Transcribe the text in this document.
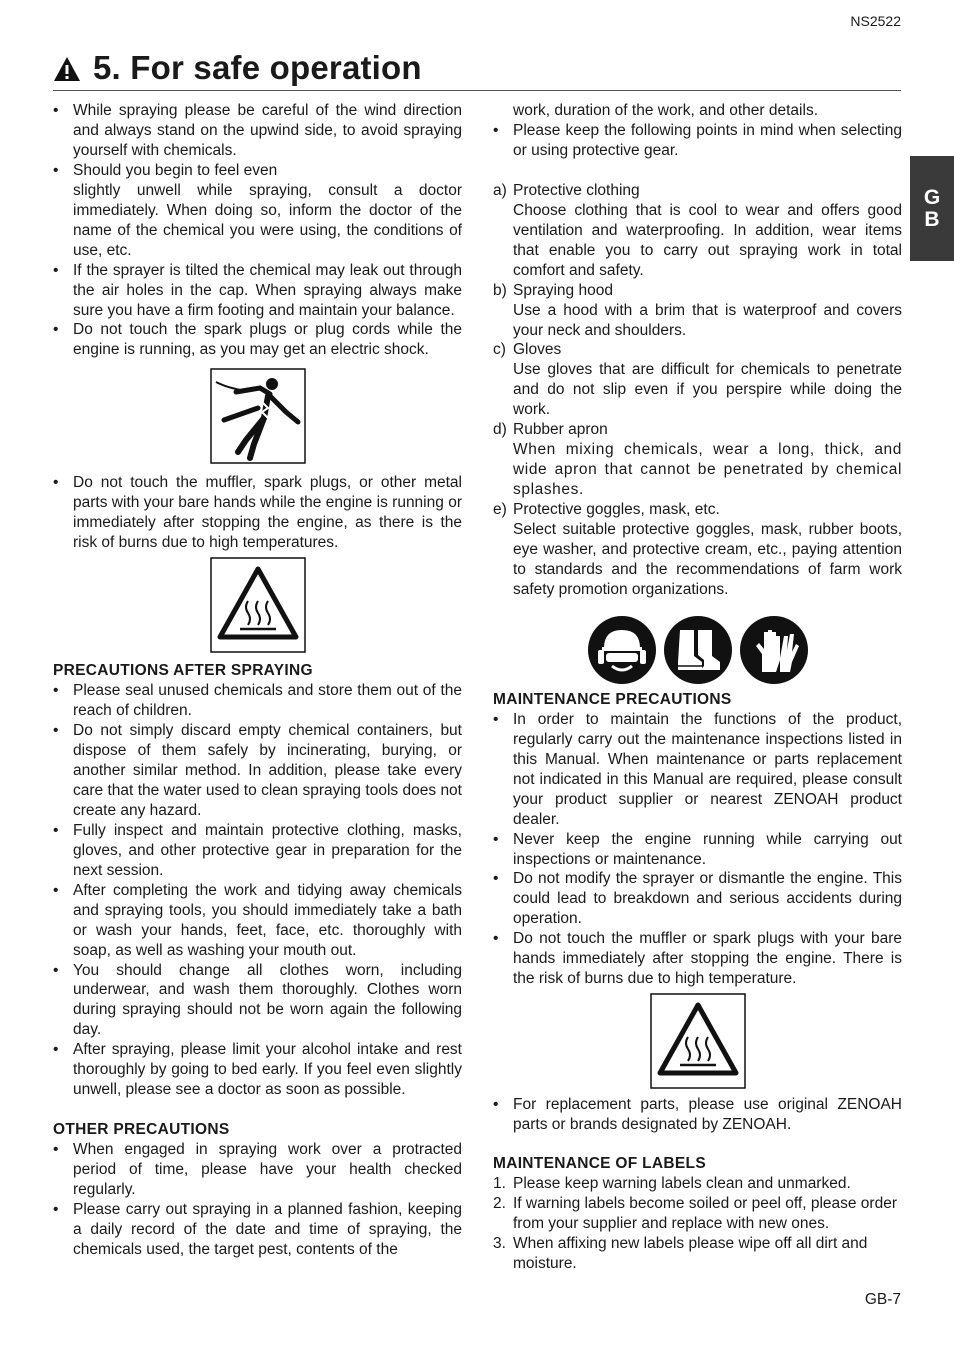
NS2522
5. For safe operation
G
B
• While spraying please be careful of the wind direction and always stand on the upwind side, to avoid spraying yourself with chemicals.
• Should you begin to feel even
slightly unwell while spraying, consult a doctor immediately. When doing so, inform the doctor of the name of the chemical you were using, the conditions of use, etc.
• If the sprayer is tilted the chemical may leak out through the air holes in the cap. When spraying always make sure you have a firm footing and maintain your balance.
• Do not touch the spark plugs or plug cords while the engine is running, as you may get an electric shock.
• Do not touch the muffler, spark plugs, or other metal parts with your bare hands while the engine is running or immediately after stopping the engine, as there is the risk of burns due to high temperatures.
PRECAUTIONS AFTER SPRAYING
• Please seal unused chemicals and store them out of the reach of children.
• Do not simply discard empty chemical containers, but dispose of them safely by incinerating, burying, or another similar method. In addition, please take every care that the water used to clean spraying tools does not create any hazard.
• Fully inspect and maintain protective clothing, masks, gloves, and other protective gear in preparation for the next session.
• After completing the work and tidying away chemicals and spraying tools, you should immediately take a bath or wash your hands, feet, face, etc. thoroughly with soap, as well as washing your mouth out.
• You should change all clothes worn, including underwear, and wash them thoroughly. Clothes worn during spraying should not be worn again the following day.
• After spraying, please limit your alcohol intake and rest thoroughly by going to bed early. If you feel even slightly unwell, please see a doctor as soon as possible.
OTHER PRECAUTIONS
• When engaged in spraying work over a protracted period of time, please have your health checked regularly.
• Please carry out spraying in a planned fashion, keeping a daily record of the date and time of spraying, the chemicals used, the target pest, contents of the
work, duration of the work, and other details.
• Please keep the following points in mind when selecting or using protective gear.
a) Protective clothing
Choose clothing that is cool to wear and offers good ventilation and waterproofing. In addition, wear items that enable you to carry out spraying work in total comfort and safety.
b) Spraying hood
Use a hood with a brim that is waterproof and covers your neck and shoulders.
c) Gloves
Use gloves that are difficult for chemicals to penetrate and do not slip even if you perspire while doing the work.
d) Rubber apron
When mixing chemicals, wear a long, thick, and wide apron that cannot be penetrated by chemical splashes.
e) Protective goggles, mask, etc.
Select suitable protective goggles, mask, rubber boots, eye washer, and protective cream, etc., paying attention to standards and the recommendations of farm work safety promotion organizations.
MAINTENANCE PRECAUTIONS
• In order to maintain the functions of the product, regularly carry out the maintenance inspections listed in this Manual. When maintenance or parts replacement not indicated in this Manual are required, please consult your product supplier or nearest ZENOAH product dealer.
• Never keep the engine running while carrying out inspections or maintenance.
• Do not modify the sprayer or dismantle the engine. This could lead to breakdown and serious accidents during operation.
• Do not touch the muffler or spark plugs with your bare hands immediately after stopping the engine. There is the risk of burns due to high temperature.
• For replacement parts, please use original ZENOAH parts or brands designated by ZENOAH.
MAINTENANCE OF LABELS
1. Please keep warning labels clean and unmarked.
2. If warning labels become soiled or peel off, please order from your supplier and replace with new ones.
3. When affixing new labels please wipe off all dirt and moisture.
GB-7
